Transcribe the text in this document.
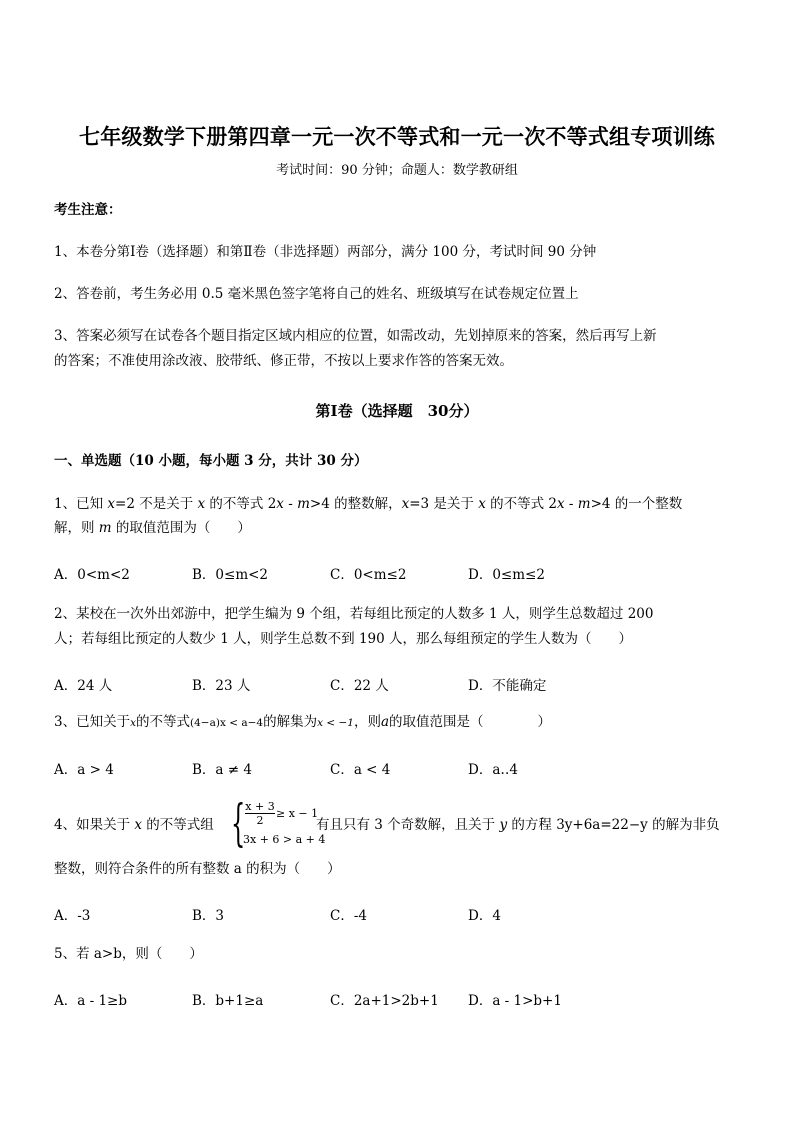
七年级数学下册第四章一元一次不等式和一元一次不等式组专项训练
考试时间：90 分钟；命题人：数学教研组
考生注意：
1、本卷分第Ⅰ卷（选择题）和第Ⅱ卷（非选择题）两部分，满分 100 分，考试时间 90 分钟
2、答卷前，考生务必用 0.5 毫米黑色签字笔将自己的姓名、班级填写在试卷规定位置上
3、答案必须写在试卷各个题目指定区域内相应的位置，如需改动，先划掉原来的答案，然后再写上新
的答案；不准使用涂改液、胶带纸、修正带，不按以上要求作答的答案无效。
第Ⅰ卷（选择题　30分）
一、单选题（10 小题，每小题 3 分，共计 30 分）
1、已知 x=2 不是关于 x 的不等式 2x - m>4 的整数解，x=3 是关于 x 的不等式 2x - m>4 的一个整数
解，则 m 的取值范围为（　　）
A．0<m<2	B．0≤m<2	C．0<m≤2	D．0≤m≤2
2、某校在一次外出郊游中，把学生编为 9 个组，若每组比预定的人数多 1 人，则学生总数超过 200
人；若每组比预定的人数少 1 人，则学生总数不到 190 人，那么每组预定的学生人数为（　　）
A．24 人	B．23 人	C．22 人	D．不能确定
3、已知关于x的不等式(4−a)x < a−4的解集为x < −1，则a的取值范围是（　　　　）
A．a > 4	B．a ≠ 4	C．a < 4	D．a‥4
4、如果关于 x 的不等式组 { $\frac{x + 3}{2} \ge x - 1$
3x + 6 > a + 4
有且只有 3 个奇数解，且关于 y 的方程 3y+6a=22−y 的解为非负
整数，则符合条件的所有整数 a 的积为（　　）
A．-3	B．3	C．-4	D．4
5、若 a>b，则（　　）
A．a - 1≥b	B．b+1≥a	C．2a+1>2b+1 D．a - 1>b+1
